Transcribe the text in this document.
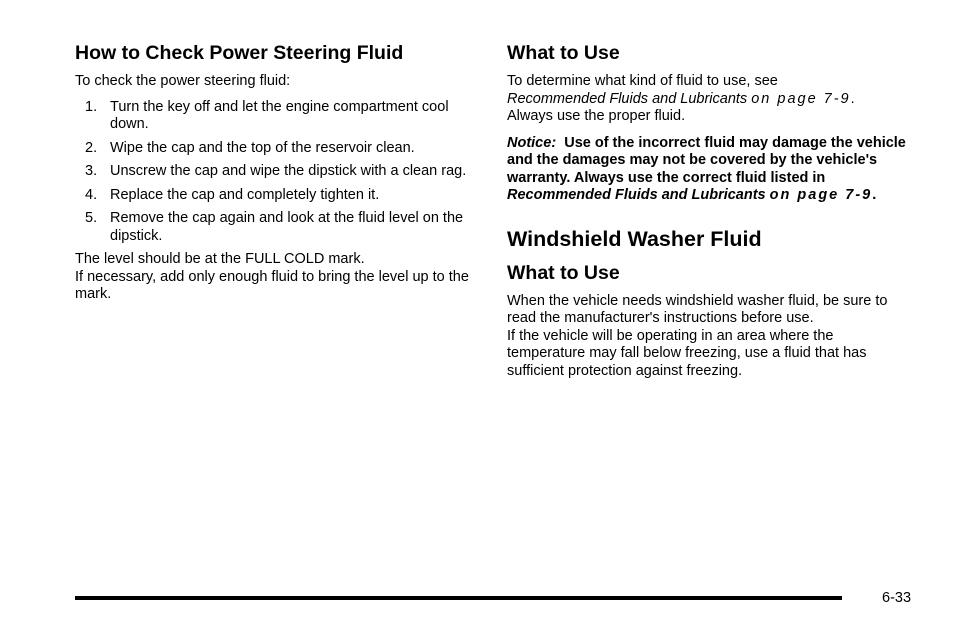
How to Check Power Steering Fluid

To check the power steering fluid:

1. Turn the key off and let the engine compartment cool down.
2. Wipe the cap and the top of the reservoir clean.
3. Unscrew the cap and wipe the dipstick with a clean rag.
4. Replace the cap and completely tighten it.
5. Remove the cap again and look at the fluid level on the dipstick.

The level should be at the FULL COLD mark.

If necessary, add only enough fluid to bring the level up to the mark.

What to Use

To determine what kind of fluid to use, see
Recommended Fluids and Lubricants on page 7-9.
Always use the proper fluid.

Notice: Use of the incorrect fluid may damage the vehicle and the damages may not be covered by the vehicle's warranty. Always use the correct fluid listed in Recommended Fluids and Lubricants on page 7-9.

Windshield Washer Fluid
What to Use

When the vehicle needs windshield washer fluid, be sure to read the manufacturer's instructions before use.

If the vehicle will be operating in an area where the temperature may fall below freezing, use a fluid that has sufficient protection against freezing.

6-33
